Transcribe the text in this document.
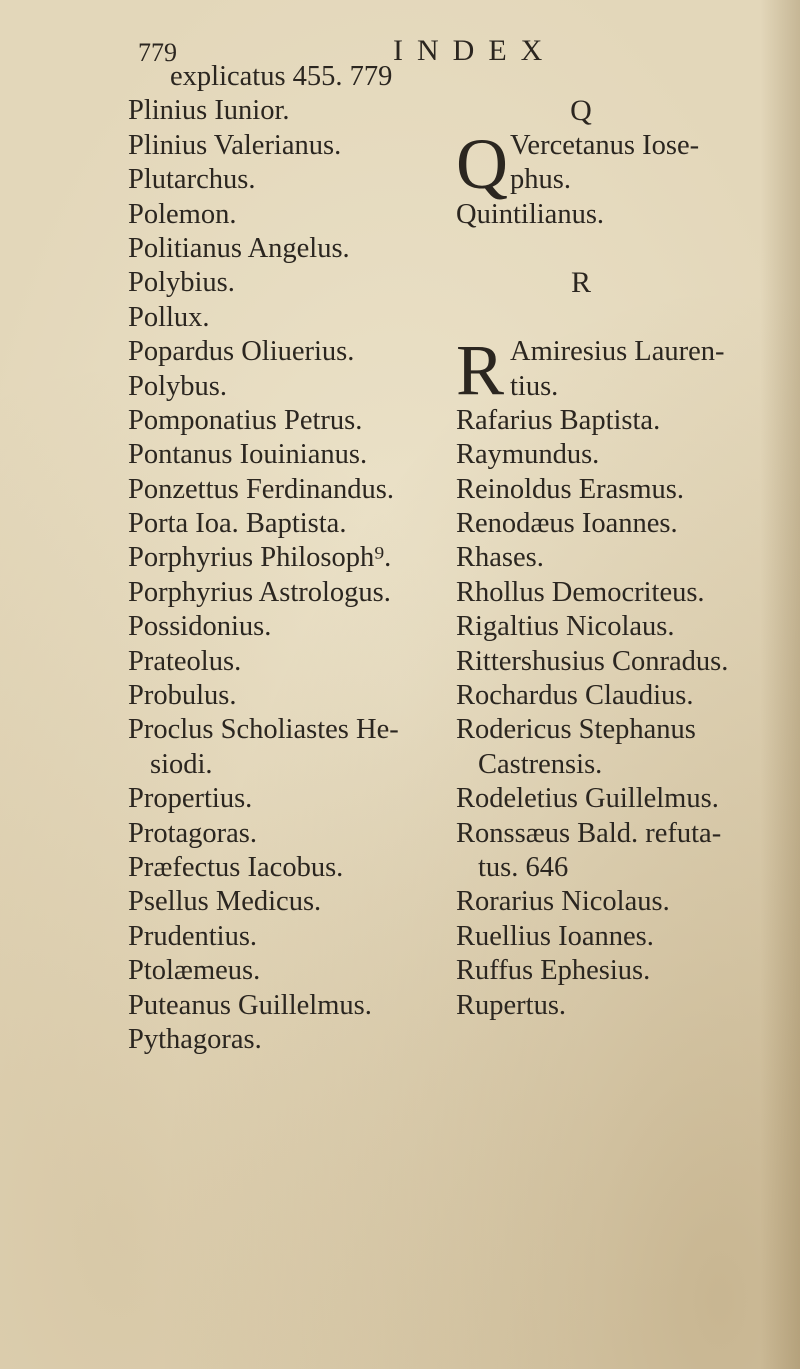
779	INDEX
explicatus 455. 779
Plinius Iunior.
Plinius Valerianus.
Plutarchus.
Polemon.
Politianus Angelus.
Polybius.
Pollux.
Popardus Oliuerius.
Polybus.
Pomponatius Petrus.
Pontanus Iouinianus.
Ponzettus Ferdinandus.
Porta Ioa. Baptista.
Porphyrius Philosoph⁹.
Porphyrius Astrologus.
Possidonius.
Prateolus.
Probulus.
Proclus Scholiastes He-
siodi.
Propertius.
Protagoras.
Præfectus Iacobus.
Psellus Medicus.
Prudentius.
Ptolæmeus.
Puteanus Guillelmus.
Pythagoras.
Q
Q Vercetanus Iose-
phus.
Quintilianus.
R
R Amiresius Lauren-
tius.
Rafarius Baptista.
Raymundus.
Reinoldus Erasmus.
Renodæus Ioannes.
Rhases.
Rhollus Democriteus.
Rigaltius Nicolaus.
Rittershusius Conradus.
Rochardus Claudius.
Rodericus Stephanus
Castrensis.
Rodeletius Guillelmus.
Ronssæus Bald. refuta-
tus. 646
Rorarius Nicolaus.
Ruellius Ioannes.
Ruffus Ephesius.
Rupertus.
